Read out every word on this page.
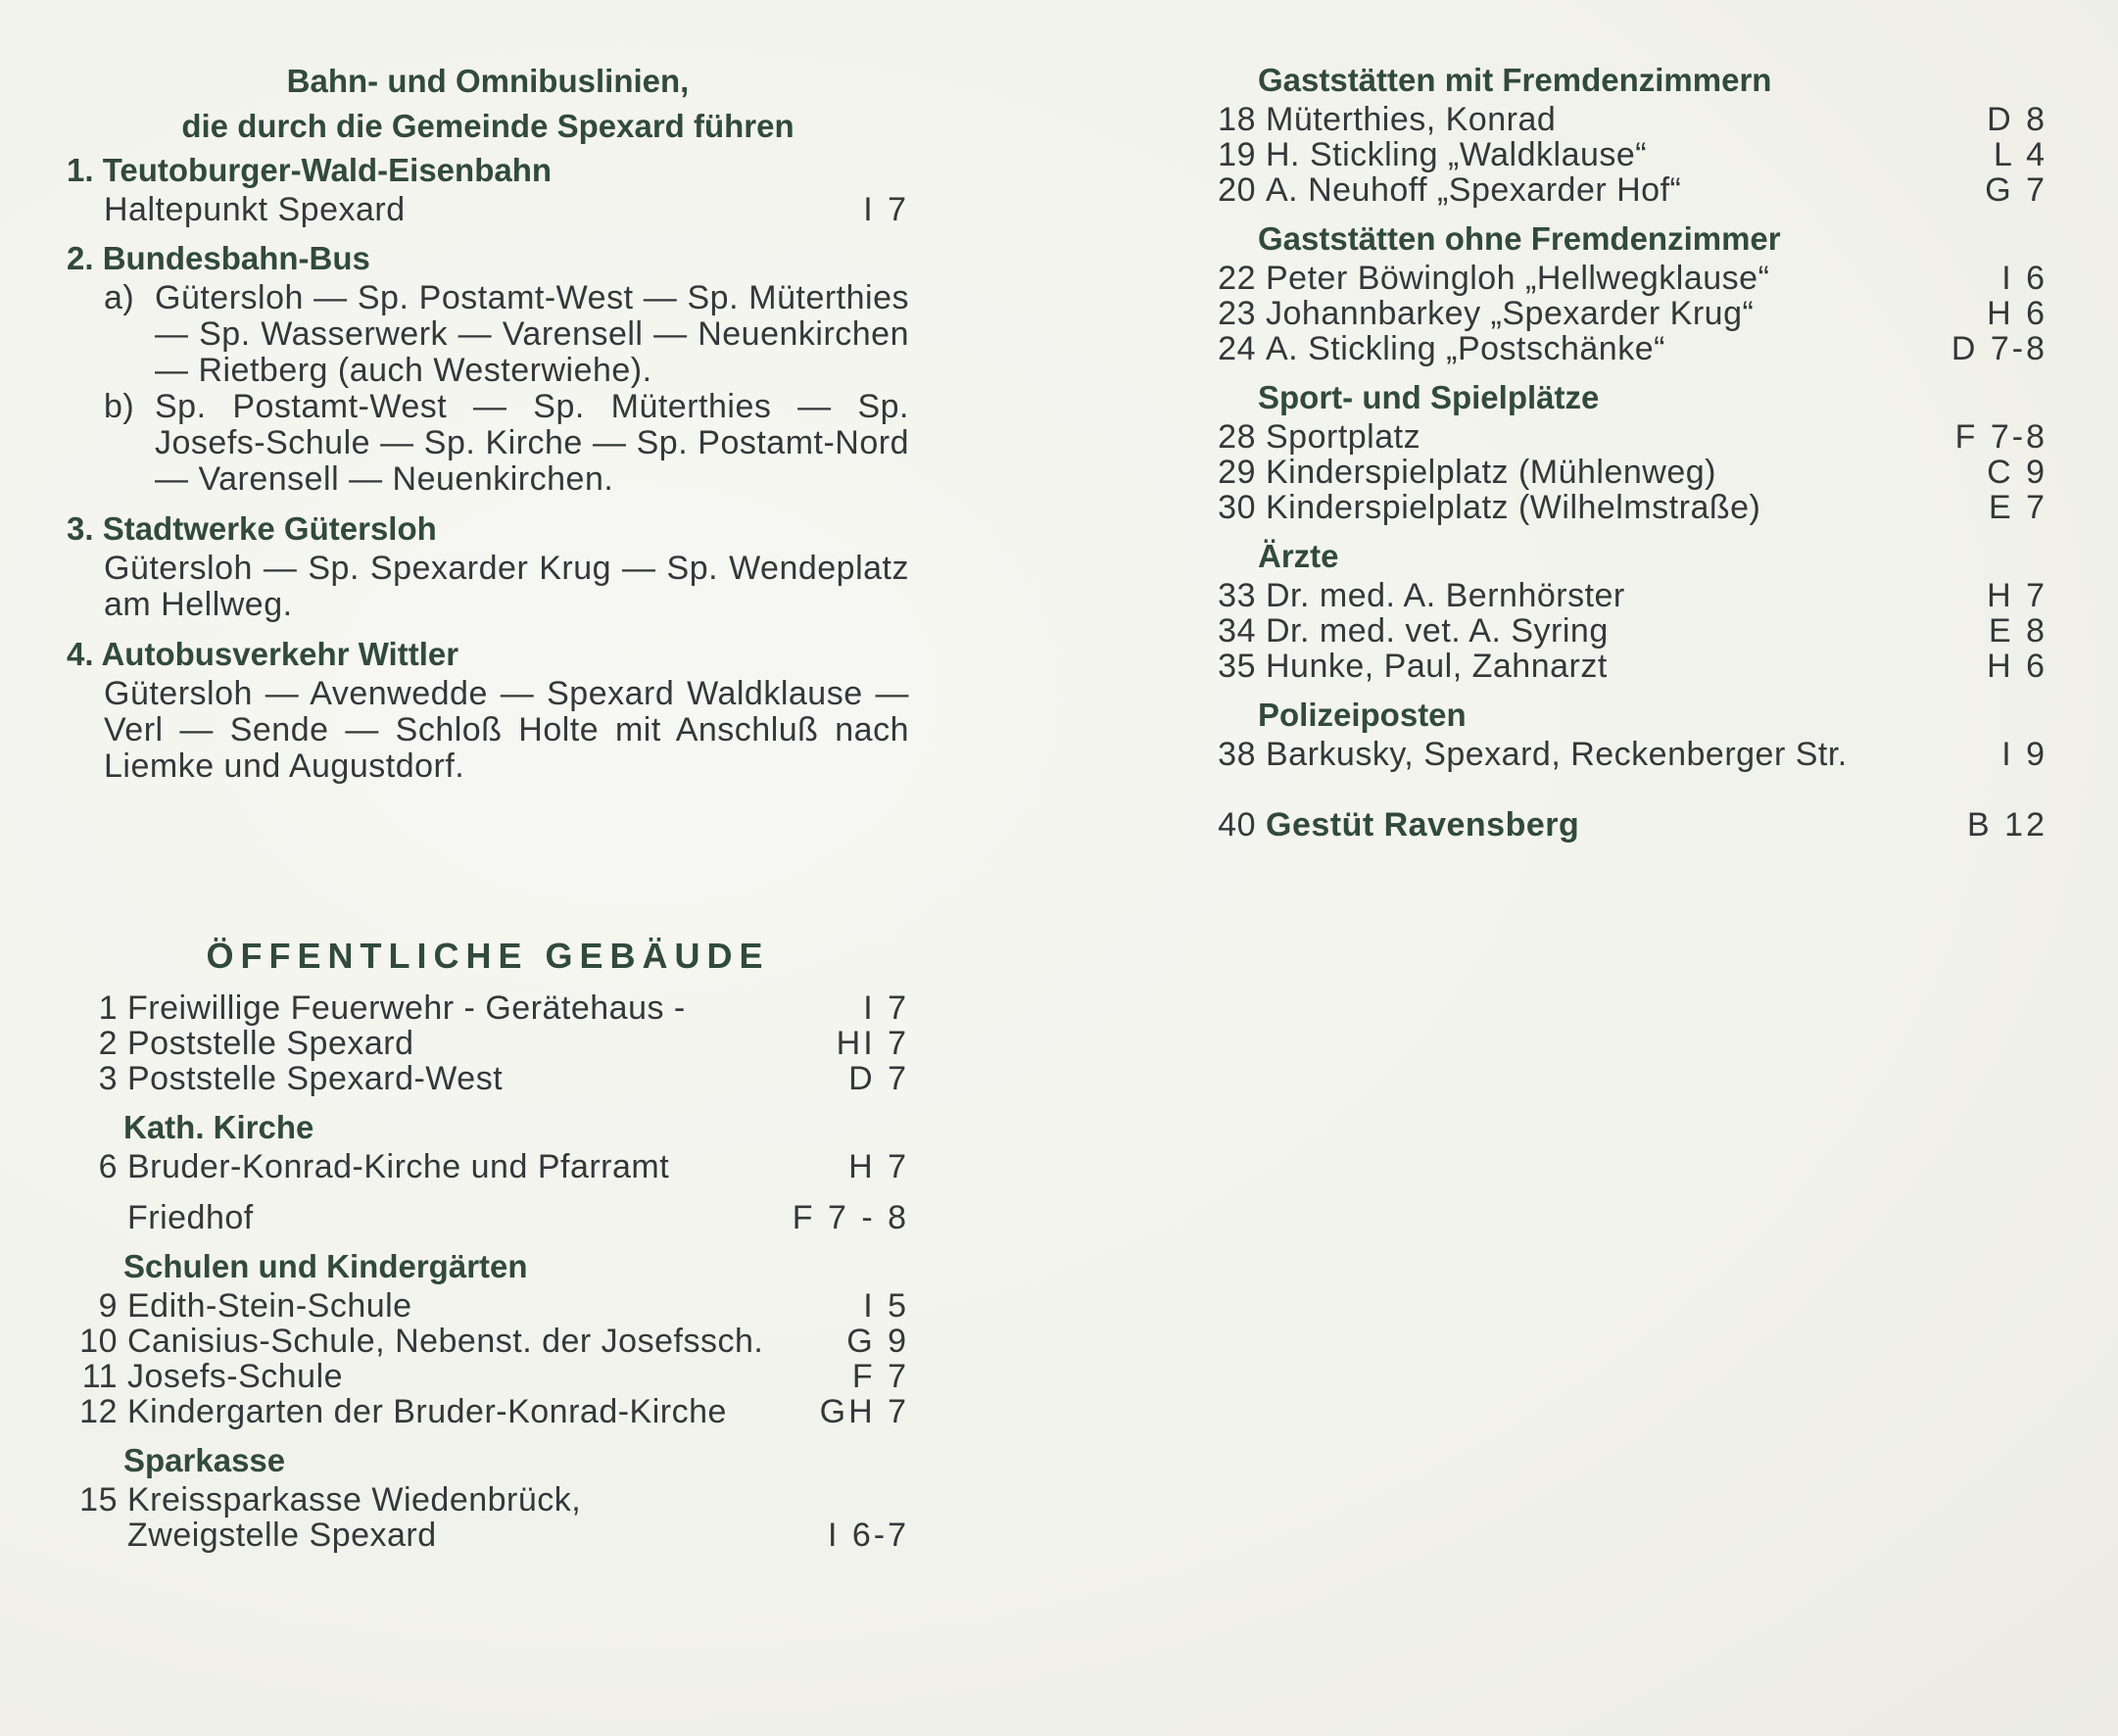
Bahn- und Omnibuslinien,
die durch die Gemeinde Spexard führen
1. Teutoburger-Wald-Eisenbahn
Haltepunkt Spexard	I 7
2. Bundesbahn-Bus
a) Gütersloh — Sp. Postamt-West — Sp. Müterthies — Sp. Wasserwerk — Varensell — Neuenkirchen — Rietberg (auch Westerwiehe).
b) Sp. Postamt-West — Sp. Müterthies — Sp. Josefs-Schule — Sp. Kirche — Sp. Postamt-Nord — Varensell — Neuenkirchen.
3. Stadtwerke Gütersloh
Gütersloh — Sp. Spexarder Krug — Sp. Wendeplatz am Hellweg.
4. Autobusverkehr Wittler
Gütersloh — Avenwedde — Spexard Waldklause — Verl — Sende — Schloß Holte mit Anschluß nach Liemke und Augustdorf.
ÖFFENTLICHE GEBÄUDE
1 Freiwillige Feuerwehr - Gerätehaus -	I 7
2 Poststelle Spexard	HI 7
3 Poststelle Spexard-West	D 7
Kath. Kirche
6 Bruder-Konrad-Kirche und Pfarramt	H 7
Friedhof	F 7 - 8
Schulen und Kindergärten
9 Edith-Stein-Schule	I 5
10 Canisius-Schule, Nebenst. der Josefssch.	G 9
11 Josefs-Schule	F 7
12 Kindergarten der Bruder-Konrad-Kirche	GH 7
Sparkasse
15 Kreissparkasse Wiedenbrück,
Zweigstelle Spexard	I 6-7
Gaststätten mit Fremdenzimmern
18 Müterthies, Konrad	D 8
19 H. Stickling „Waldklause“	L 4
20 A. Neuhoff „Spexarder Hof“	G 7
Gaststätten ohne Fremdenzimmer
22 Peter Böwingloh „Hellwegklause“	I 6
23 Johannbarkey „Spexarder Krug“	H 6
24 A. Stickling „Postschänke“	D 7-8
Sport- und Spielplätze
28 Sportplatz	F 7-8
29 Kinderspielplatz (Mühlenweg)	C 9
30 Kinderspielplatz (Wilhelmstraße)	E 7
Ärzte
33 Dr. med. A. Bernhörster	H 7
34 Dr. med. vet. A. Syring	E 8
35 Hunke, Paul, Zahnarzt	H 6
Polizeiposten
38 Barkusky, Spexard, Reckenberger Str.	I 9
40 Gestüt Ravensberg	B 12
